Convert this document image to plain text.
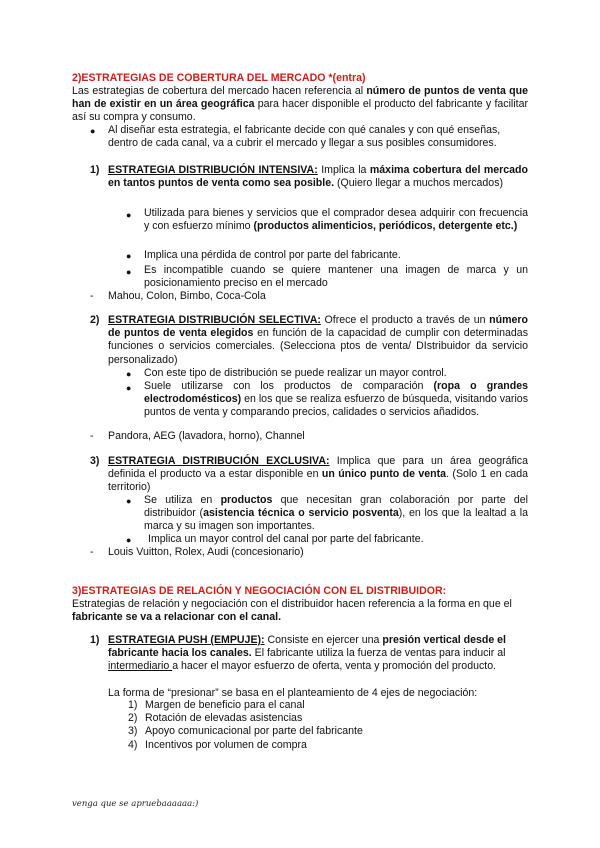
2)ESTRATEGIAS DE COBERTURA DEL MERCADO *(entra)
Las estrategias de cobertura del mercado hacen referencia al número de puntos de venta que han de existir en un área geográfica para hacer disponible el producto del fabricante y facilitar así su compra y consumo.
● Al diseñar esta estrategia, el fabricante decide con qué canales y con qué enseñas, dentro de cada canal, va a cubrir el mercado y llegar a sus posibles consumidores.
1) ESTRATEGIA DISTRIBUCIÓN INTENSIVA: Implica la máxima cobertura del mercado en tantos puntos de venta como sea posible. (Quiero llegar a muchos mercados)
● Utilizada para bienes y servicios que el comprador desea adquirir con frecuencia y con esfuerzo mínimo (productos alimenticios, periódicos, detergente etc.)
● Implica una pérdida de control por parte del fabricante.
● Es incompatible cuando se quiere mantener una imagen de marca y un posicionamiento preciso en el mercado
- Mahou, Colon, Bimbo, Coca-Cola
2) ESTRATEGIA DISTRIBUCIÓN SELECTIVA: Ofrece el producto a través de un número de puntos de venta elegidos en función de la capacidad de cumplir con determinadas funciones o servicios comerciales. (Selecciona ptos de venta/ DIstribuidor da servicio personalizado)
● Con este tipo de distribución se puede realizar un mayor control.
● Suele utilizarse con los productos de comparación (ropa o grandes electrodomésticos) en los que se realiza esfuerzo de búsqueda, visitando varios puntos de venta y comparando precios, calidades o servicios añadidos.
- Pandora, AEG (lavadora, horno), Channel
3) ESTRATEGIA DISTRIBUCIÓN EXCLUSIVA: Implica que para un área geográfica definida el producto va a estar disponible en un único punto de venta. (Solo 1 en cada territorio)
● Se utiliza en productos que necesitan gran colaboración por parte del distribuidor (asistencia técnica o servicio posventa), en los que la lealtad a la marca y su imagen son importantes.
● Implica un mayor control del canal por parte del fabricante.
- Louis Vuitton, Rolex, Audi (concesionario)
3)ESTRATEGIAS DE RELACIÓN Y NEGOCIACIÓN CON EL DISTRIBUIDOR:
Estrategias de relación y negociación con el distribuidor hacen referencia a la forma en que el fabricante se va a relacionar con el canal.
1) ESTRATEGIA PUSH (EMPUJE): Consiste en ejercer una presión vertical desde el fabricante hacia los canales. El fabricante utiliza la fuerza de ventas para inducir al intermediario a hacer el mayor esfuerzo de oferta, venta y promoción del producto.
La forma de “presionar” se basa en el planteamiento de 4 ejes de negociación:
1) Margen de beneficio para el canal
2) Rotación de elevadas asistencias
3) Apoyo comunicacional por parte del fabricante
4) Incentivos por volumen de compra
venga que se apruebaaaaaa:)
